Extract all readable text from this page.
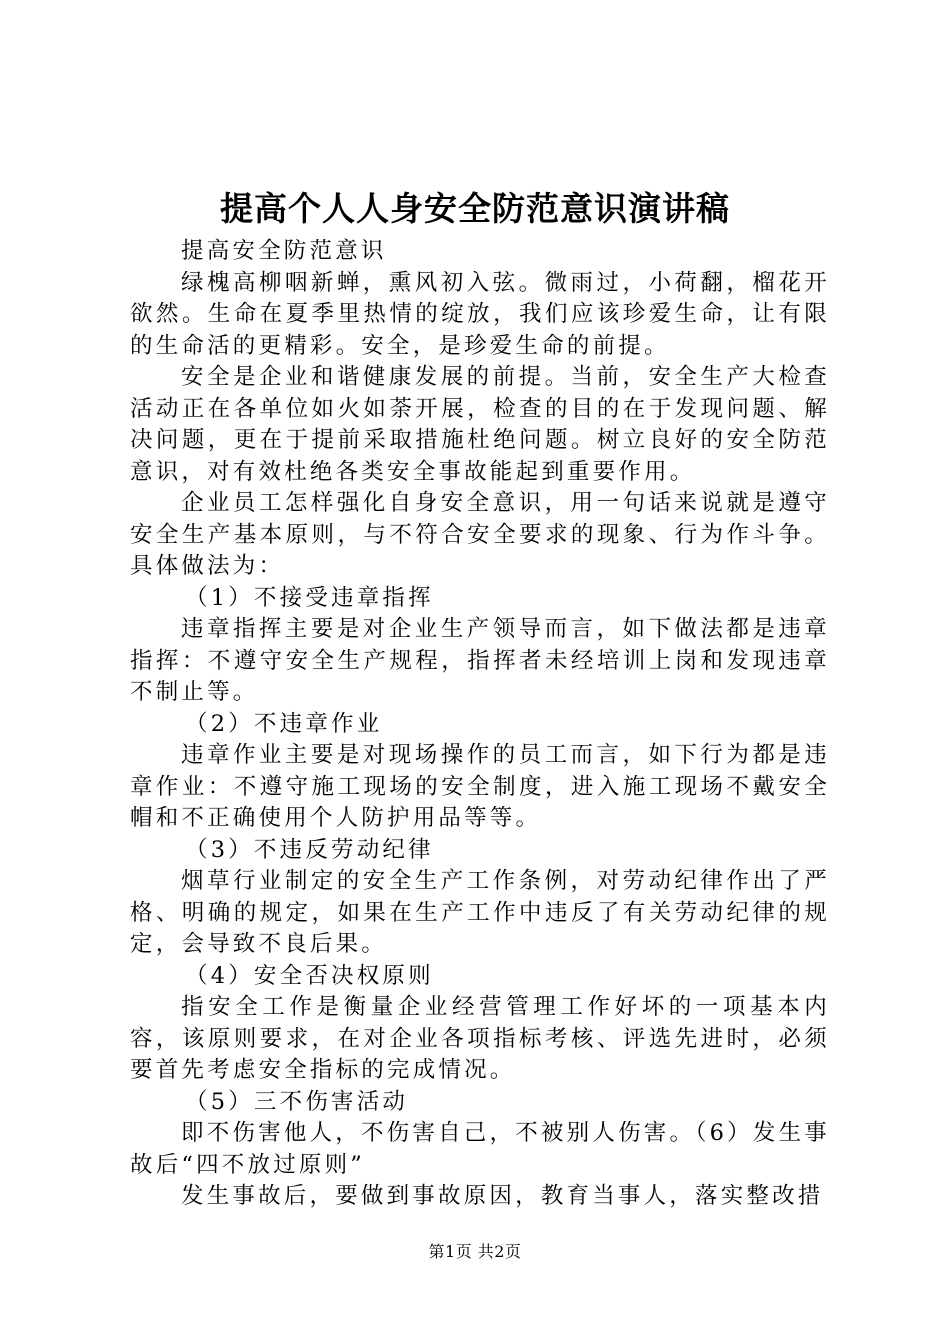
提高个人人身安全防范意识演讲稿

提高安全防范意识

绿槐高柳咽新蝉，熏风初入弦。微雨过，小荷翻，榴花开欲然。生命在夏季里热情的绽放，我们应该珍爱生命，让有限的生命活的更精彩。安全，是珍爱生命的前提。

安全是企业和谐健康发展的前提。当前，安全生产大检查活动正在各单位如火如荼开展，检查的目的在于发现问题、解决问题，更在于提前采取措施杜绝问题。树立良好的安全防范意识，对有效杜绝各类安全事故能起到重要作用。

企业员工怎样强化自身安全意识，用一句话来说就是遵守安全生产基本原则，与不符合安全要求的现象、行为作斗争。具体做法为：

（1）不接受违章指挥

违章指挥主要是对企业生产领导而言，如下做法都是违章指挥：不遵守安全生产规程，指挥者未经培训上岗和发现违章不制止等。

（2）不违章作业

违章作业主要是对现场操作的员工而言，如下行为都是违章作业：不遵守施工现场的安全制度，进入施工现场不戴安全帽和不正确使用个人防护用品等等。

（3）不违反劳动纪律

烟草行业制定的安全生产工作条例，对劳动纪律作出了严格、明确的规定，如果在生产工作中违反了有关劳动纪律的规定，会导致不良后果。

（4）安全否决权原则

指安全工作是衡量企业经营管理工作好坏的一项基本内容，该原则要求，在对企业各项指标考核、评选先进时，必须要首先考虑安全指标的完成情况。

（5）三不伤害活动

即不伤害他人，不伤害自己，不被别人伤害。（6）发生事故后“四不放过原则”

发生事故后，要做到事故原因，教育当事人，落实整改措

第1页 共2页
